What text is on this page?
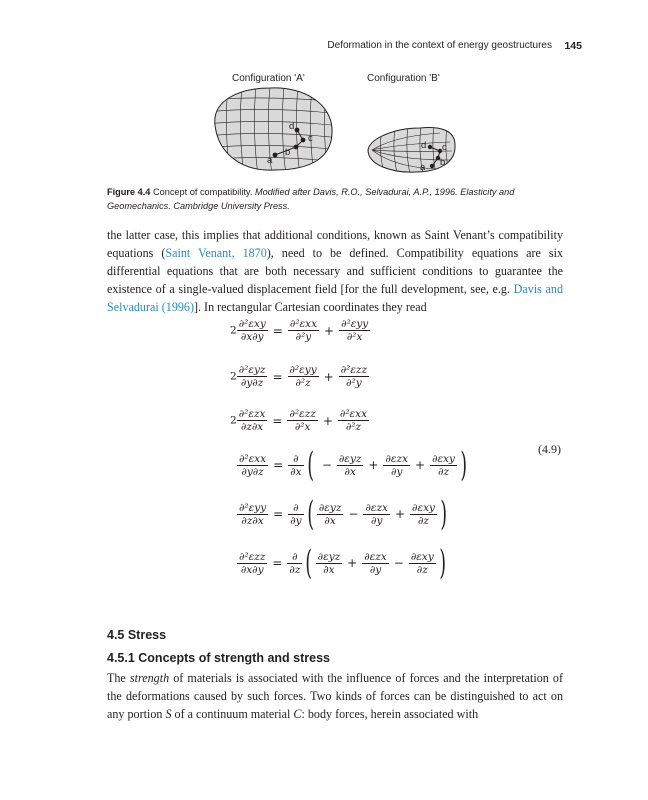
Deformation in the context of energy geostructures 145
Configuration 'A'	Configuration 'B'
a
b
c
d
a b
c
d
Figure 4.4 Concept of compatibility. Modified after Davis, R.O., Selvadurai, A.P., 1996. Elasticity and Geomechanics. Cambridge University Press.
the latter case, this implies that additional conditions, known as Saint Venant’s compatibility equations (Saint Venant, 1870), need to be defined. Compatibility equations are six differential equations that are both necessary and sufficient conditions to guarantee the existence of a single-valued displacement field [for the full development, see, e.g. Davis and Selvadurai (1996)]. In rectangular Cartesian coordinates they read
$2 \frac{\text{∂²εxy}}{\partial x\partial y} = \frac{\text{∂²εxx}}{\text{∂²y}} + \frac{\text{∂²εyy}}{\text{∂²x}}$
$2 \frac{\text{∂²εyz}}{\partial y\partial z} = \frac{\text{∂²εyy}}{\text{∂²z}} + \frac{\text{∂²εzz}}{\text{∂²y}}$
$2 \frac{\text{∂²εzx}}{\partial z\partial x} = \frac{\text{∂²εzz}}{\text{∂²x}} + \frac{\text{∂²εxx}}{\text{∂²z}}$
$\frac{\text{∂²εxx}}{\partial y\partial z} = \frac{\partial}{\partial x}$ ( − $\frac{\text{∂εyz}}{\partial x} + \frac{\text{∂εzx}}{\partial y} + \frac{\text{∂εxy}}{\partial z}$ )
$\frac{\text{∂²εyy}}{\partial z\partial x} = \frac{\partial}{\partial y}$ ( $\frac{\text{∂εyz}}{\partial x} - \frac{\text{∂εzx}}{\partial y} + \frac{\text{∂εxy}}{\partial z}$ )
$\frac{\text{∂²εzz}}{\partial x\partial y} = \frac{\partial}{\partial z}$ ( $\frac{\text{∂εyz}}{\partial x} + \frac{\text{∂εzx}}{\partial y} - \frac{\text{∂εxy}}{\partial z}$ )
(4.9)
4.5 Stress
4.5.1 Concepts of strength and stress
The strength of materials is associated with the influence of forces and the interpretation of the deformations caused by such forces. Two kinds of forces can be distinguished to act on any portion S of a continuum material C: body forces, herein associated with
